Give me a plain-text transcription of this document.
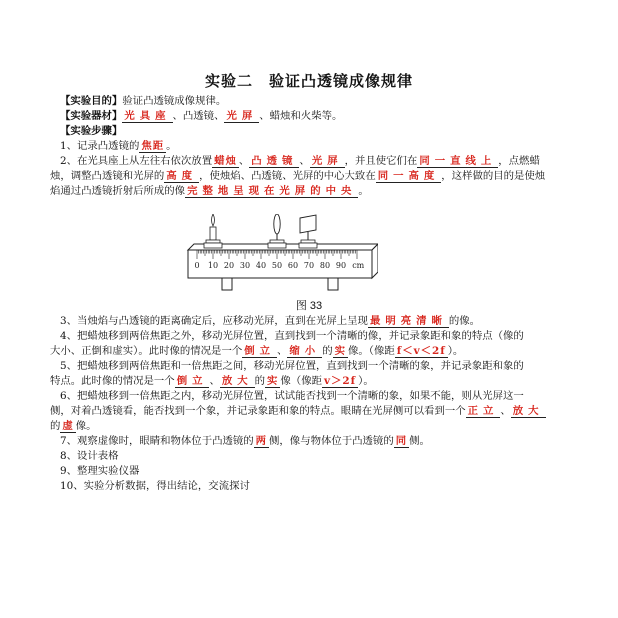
实验二 验证凸透镜成像规律
【实验目的】验证凸透镜成像规律。
【实验器材】 光具座 、凸透镜、 光屏 、蜡烛和火柴等。
【实验步骤】
1、记录凸透镜的 焦距 。
2、在光具座上从左往右依次放置 蜡烛 、 凸透镜 、 光屏 ，并且使它们在 同一直线上 ，点燃蜡
烛，调整凸透镜和光屏的 高度 ，使烛焰、凸透镜、光屏的中心大致在 同一高度 ，这样做的目的是使烛
焰通过凸透镜折射后所成的像 完整地呈现在光屏的中央 。
0 10 20 30 40 50 60 70 80 90 cm
图 33
3、当烛焰与凸透镜的距离确定后，应移动光屏，直到在光屏上呈现 最明亮清晰 的像。
4、把蜡烛移到两倍焦距之外，移动光屏位置，直到找到一个清晰的像，并记录象距和象的特点（像的
大小、正倒和虚实）。此时像的情况是一个 倒立 、 缩小 的 实 像。（像距 f＜v＜2f ）。
5、把蜡烛移到两倍焦距和一倍焦距之间，移动光屏位置，直到找到一个清晰的象，并记录象距和象的
特点。此时像的情况是一个 倒立 、 放大 的 实 像（像距 v＞2f ）。
6、把蜡烛移到一倍焦距之内，移动光屏位置，试试能否找到一个清晰的象，如果不能，则从光屏这一
侧，对着凸透镜看，能否找到一个象，并记录象距和象的特点。眼睛在光屏侧可以看到一个 正立 、 放大
的 虚 像。
7、观察虚像时，眼睛和物体位于凸透镜的 两 侧，像与物体位于凸透镜的 同 侧。
8、设计表格
9、整理实验仪器
10、实验分析数据，得出结论，交流探讨
